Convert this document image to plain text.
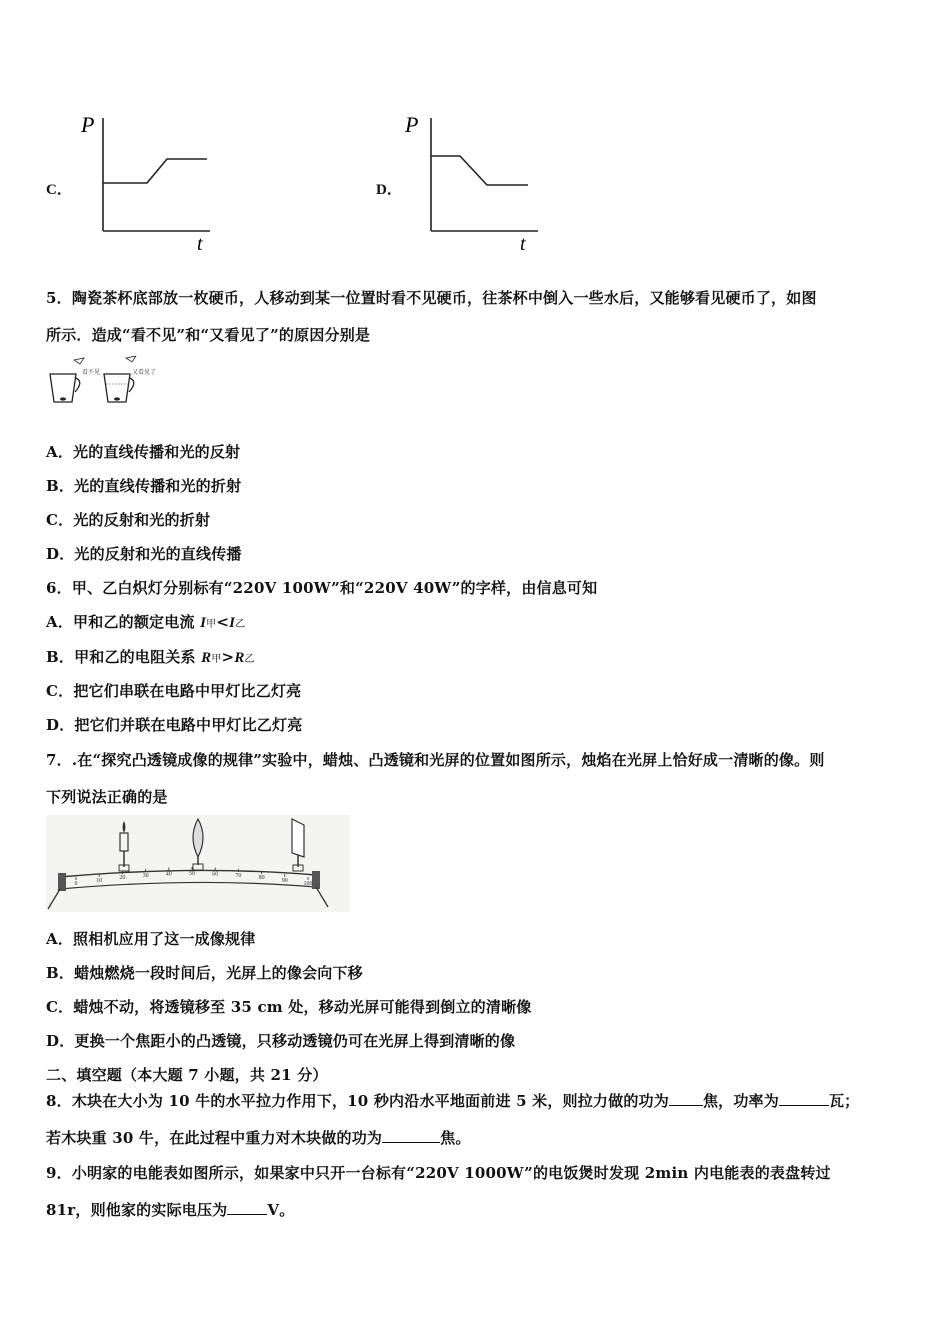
C．
P
t
D．
P
t
5．陶瓷茶杯底部放一枚硬币，人移动到某一位置时看不见硬币，往茶杯中倒入一些水后，又能够看见硬币了，如图
所示．造成“看不见”和“又看见了”的原因分别是
看不见	又看见了
A．光的直线传播和光的反射
B．光的直线传播和光的折射
C．光的反射和光的折射
D．光的反射和光的直线传播
6．甲、乙白炽灯分别标有“220V 100W”和“220V 40W”的字样，由信息可知
A．甲和乙的额定电流 I甲<I乙
B．甲和乙的电阻关系 R甲>R乙
C．把它们串联在电路中甲灯比乙灯亮
D．把它们并联在电路中甲灯比乙灯亮
7．.在“探究凸透镜成像的规律”实验中，蜡烛、凸透镜和光屏的位置如图所示，烛焰在光屏上恰好成一清晰的像。则
下列说法正确的是
0
10	20	30	40	50	60	70	80	90
100
A．照相机应用了这一成像规律
B．蜡烛燃烧一段时间后，光屏上的像会向下移
C．蜡烛不动，将透镜移至 35 cm 处，移动光屏可能得到倒立的清晰像
D．更换一个焦距小的凸透镜，只移动透镜仍可在光屏上得到清晰的像
二、填空题（本大题 7 小题，共 21 分）
8．木块在大小为 10 牛的水平拉力作用下，10 秒内沿水平地面前进 5 米，则拉力做的功为 焦，功率为	瓦；
若木块重 30 牛，在此过程中重力对木块做的功为	焦。
9．小明家的电能表如图所示，如果家中只开一台标有“220V 1000W”的电饭煲时发现 2min 内电能表的表盘转过
81r，则他家的实际电压为	V。
